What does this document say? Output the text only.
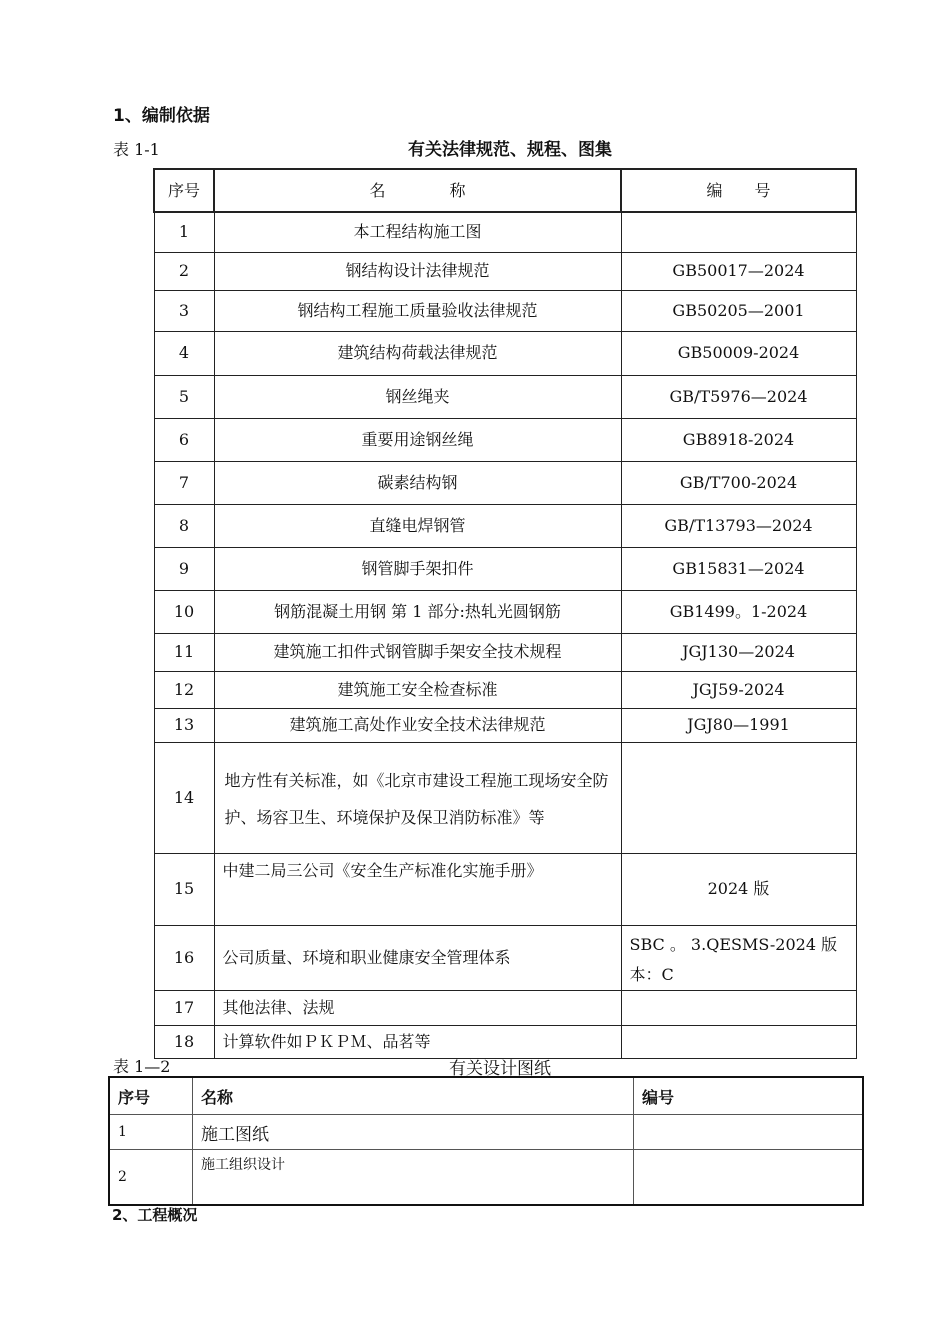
1、编制依据
表 1-1	有关法律规范、规程、图集
序号	名　　　　称	编　　号
1	本工程结构施工图	
2	钢结构设计法律规范	GB50017—2024
3	钢结构工程施工质量验收法律规范	GB50205—2001
4	建筑结构荷载法律规范	GB50009-2024
5	钢丝绳夹	GB/T5976—2024
6	重要用途钢丝绳	GB8918-2024
7	碳素结构钢	GB/T700-2024
8	直缝电焊钢管	GB/T13793—2024
9	钢管脚手架扣件	GB15831—2024
10	钢筋混凝土用钢 第 1 部分:热轧光圆钢筋	GB1499。1-2024
11	建筑施工扣件式钢管脚手架安全技术规程	JGJ130—2024
12	建筑施工安全检查标准	JGJ59-2024
13	建筑施工高处作业安全技术法律规范	JGJ80—1991
14	地方性有关标准，如《北京市建设工程施工现场安全防护、场容卫生、环境保护及保卫消防标准》等	
15	中建二局三公司《安全生产标准化实施手册》	2024 版
16	公司质量、环境和职业健康安全管理体系	SBC 。 3.QESMS-2024 版本：C
17	其他法律、法规	
18	计算软件如ＰＫＰＭ、品茗等	
表 1—2	有关设计图纸
序号	名称	编号
1	施工图纸	
2	施工组织设计	
2、工程概况
